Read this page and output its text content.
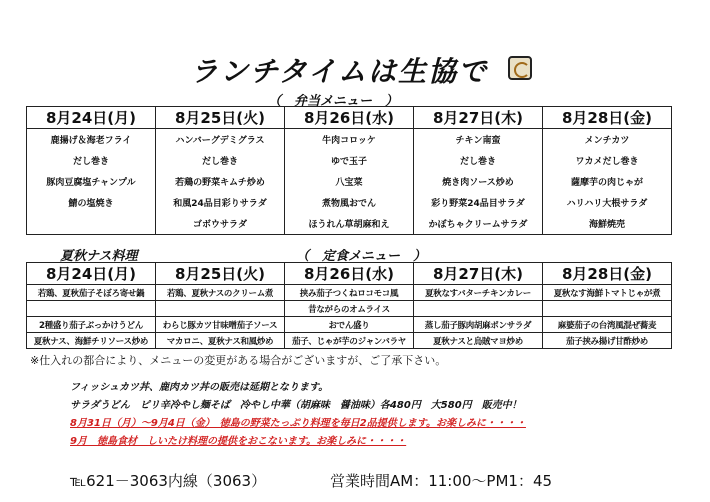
ランチタイムは生協で
（　弁当メニュー　）
8月24日(月)	8月25日(火)	8月26日(水)	8月27日(木)	8月28日(金)
鹿揚げ＆海老フライ	ハンバーグデミグラス	牛肉コロッケ	チキン南蛮	メンチカツ
だし巻き	だし巻き	ゆで玉子	だし巻き	ワカメだし巻き
豚肉豆腐塩チャンプル	若鶏の野菜キムチ炒め	八宝菜	焼き肉ソース炒め	薩摩芋の肉じゃが
鯖の塩焼き	和風24品目彩りサラダ	煮物風おでん	彩り野菜24品目サラダ	ハリハリ大根サラダ
	ゴボウサラダ	ほうれん草胡麻和え	かぼちゃクリームサラダ	海鮮焼売
夏秋ナス料理	（　定食メニュー　）
8月24日(月)	8月25日(火)	8月26日(水)	8月27日(木)	8月28日(金)
若鶏、夏秋茄子そぼろ寄せ鍋	若鶏、夏秋ナスのクリーム煮	挟み茄子つくねロコモコ風	夏秋なすバターチキンカレー	夏秋なす海鮮トマトじゃが煮
		昔ながらのオムライス		
2種盛り茄子ぶっかけうどん	わらじ豚カツ甘味噌茄子ソース	おでん盛り	蒸し茄子豚肉胡麻ポンサラダ	麻婆茄子の台湾風混ぜ蕎麦
夏秋ナス、海鮮チリソース炒め	マカロニ、夏秋ナス和風炒め	茄子、じゃが芋のジャンバラヤ	夏秋ナスと烏賊マヨ炒め	茄子挟み揚げ甘酢炒め
※仕入れの都合により、メニューの変更がある場合がございますが、ご了承下さい。
フィッシュカツ丼、鹿肉カツ丼の販売は延期となります。
サラダうどん　ピリ辛冷やし麺そば　冷やし中華（胡麻味　醤油味）各480円　大580円　販売中！
8月31日（月）～9月4日（金）　徳島の野菜たっぷり料理を毎日2品提供します。お楽しみに・・・・
9月　徳島食材　しいたけ料理の提供をおこないます。お楽しみに・・・・
℡621－3063内線（3063）	営業時間AM：11:00～PM1：45
